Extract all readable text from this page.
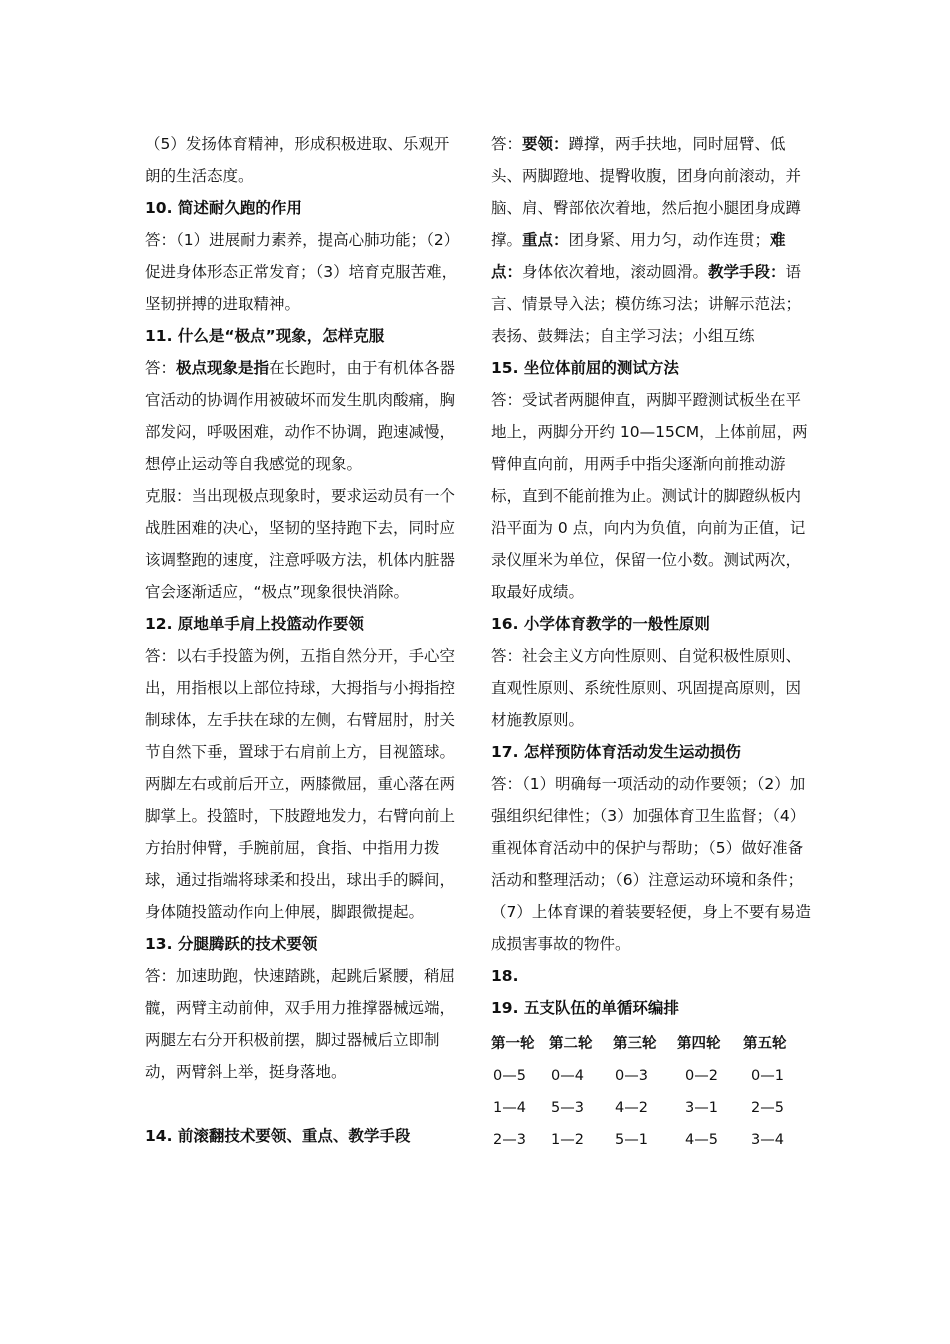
（5）发扬体育精神，形成积极进取、乐观开朗的生活态度。

10. 简述耐久跑的作用

答：（1）进展耐力素养，提高心肺功能；（2）促进身体形态正常发育；（3）培育克服苦难，坚韧拼搏的进取精神。

11. 什么是“极点”现象，怎样克服

答：极点现象是指在长跑时，由于有机体各器官活动的协调作用被破坏而发生肌肉酸痛，胸部发闷，呼吸困难，动作不协调，跑速减慢，想停止运动等自我感觉的现象。

克服：当出现极点现象时，要求运动员有一个战胜困难的决心，坚韧的坚持跑下去，同时应该调整跑的速度，注意呼吸方法，机体内脏器官会逐渐适应，“极点”现象很快消除。

12. 原地单手肩上投篮动作要领

答：以右手投篮为例，五指自然分开，手心空出，用指根以上部位持球，大拇指与小拇指控制球体，左手扶在球的左侧，右臂屈肘，肘关节自然下垂，置球于右肩前上方，目视篮球。两脚左右或前后开立，两膝微屈，重心落在两脚掌上。投篮时，下肢蹬地发力，右臂向前上方抬肘伸臂，手腕前屈，食指、中指用力拨球，通过指端将球柔和投出，球出手的瞬间，身体随投篮动作向上伸展，脚跟微提起。

13. 分腿腾跃的技术要领

答：加速助跑，快速踏跳，起跳后紧腰，稍屈髋，两臂主动前伸，双手用力推撑器械远端，两腿左右分开积极前摆，脚过器械后立即制动，两臂斜上举，挺身落地。

14. 前滚翻技术要领、重点、教学手段

答：要领：蹲撑，两手扶地，同时屈臂、低头、两脚蹬地、提臀收腹，团身向前滚动，并脑、肩、臀部依次着地，然后抱小腿团身成蹲撑。重点：团身紧、用力匀，动作连贯；难点：身体依次着地，滚动圆滑。教学手段：语言、情景导入法；模仿练习法；讲解示范法；表扬、鼓舞法；自主学习法；小组互练

15. 坐位体前屈的测试方法

答：受试者两腿伸直，两脚平蹬测试板坐在平地上，两脚分开约 10—15CM，上体前屈，两臂伸直向前，用两手中指尖逐渐向前推动游标，直到不能前推为止。测试计的脚蹬纵板内沿平面为 0 点，向内为负值，向前为正值，记录仪厘米为单位，保留一位小数。测试两次，取最好成绩。

16. 小学体育教学的一般性原则

答：社会主义方向性原则、自觉积极性原则、直观性原则、系统性原则、巩固提高原则，因材施教原则。

17. 怎样预防体育活动发生运动损伤

答：（1）明确每一项活动的动作要领；（2）加强组织纪律性；（3）加强体育卫生监督；（4）重视体育活动中的保护与帮助；（5）做好准备活动和整理活动；（6）注意运动环境和条件；（7）上体育课的着装要轻便，身上不要有易造成损害事故的物件。

18.

19. 五支队伍的单循环编排

第一轮	第二轮	第三轮	第四轮	第五轮
0—5	0—4	0—3	0—2	0—1
1—4	5—3	4—2	3—1	2—5
2—3	1—2	5—1	4—5	3—4
